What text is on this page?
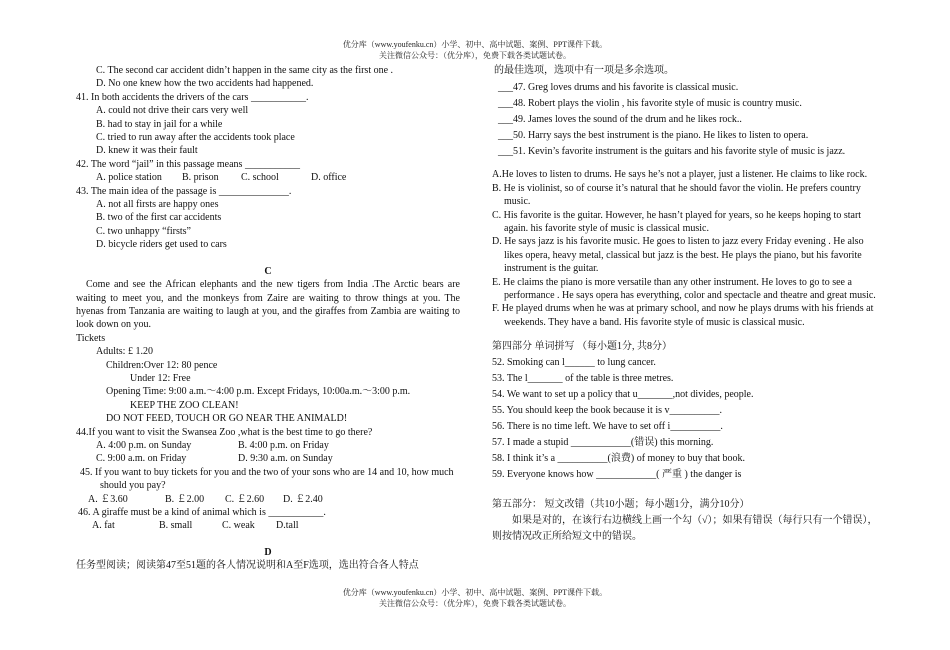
优分库（www.youfenku.cn）小学、初中、高中试题、案例、PPT课件下载。
关注微信公众号：（优分库），免费下载各类试题试卷。
C. The second car accident didn’t happen in the same city as the first one .
D. No one knew how the two accidents had happened.
41. In both accidents the drivers of the cars ___________.
A. could not drive their cars very well
B. had to stay in jail for a while
C. tried to run away after the accidents took place
D. knew it was their fault
42. The word “jail” in this passage means ___________
A. police station B. prison C. school	D. office
43. The main idea of the passage is ______________.
A. not all firsts are happy ones
B. two of the first car accidents
C. two unhappy “firsts”
D. bicycle riders get used to cars
C
Come and see the African elephants and the new tigers from India .The Arctic bears are waiting to meet you, and the monkeys from Zaire are waiting to throw things at you. The hyenas from Tanzania are waiting to laugh at you, and the giraffes from Zambia are waiting to look down on you.
Tickets
Adults: £ 1.20
Children:Over 12: 80 pence
Under 12: Free
Opening Time: 9:00 a.m.～4:00 p.m. Except Fridays, 10:00a.m.～3:00 p.m.
KEEP THE ZOO CLEAN!
DO NOT FEED, TOUCH OR GO NEAR THE ANIMALD!
44.If you want to visit the Swansea Zoo ,what is the best time to go there?
A. 4:00 p.m. on Sunday	B. 4:00 p.m. on Friday
C. 9:00 a.m. on Friday	D. 9:30 a.m. on Sunday
45. If you want to buy tickets for you and the two of your sons who are 14 and 10, how much should you pay?
A. ￡3.60	B. ￡2.00 C. ￡2.60 D. ￡2.40
46. A giraffe must be a kind of animal which is ___________.
A. fat	B. small	C. weak D.tall
D
任务型阅读；阅读第47至51题的各人情况说明和A至F选项，选出符合各人特点
的最佳选项，选项中有一项是多余选项。
___47. Greg loves drums and his favorite is classical music.
___48. Robert plays the violin , his favorite style of music is country music.
___49. James loves the sound of the drum and he likes rock..
___50. Harry says the best instrument is the piano. He likes to listen to opera.
___51. Kevin’s favorite instrument is the guitars and his favorite style of music is jazz.
A.He loves to listen to drums. He says he’s not a player, just a listener. He claims to like rock.
B. He is violinist, so of course it’s natural that he should favor the violin. He prefers country music.
C. His favorite is the guitar. However, he hasn’t played for years, so he keeps hoping to start again. his favorite style of music is classical music.
D. He says jazz is his favorite music. He goes to listen to jazz every Friday evening . He also likes opera, heavy metal, classical but jazz is the best. He plays the piano, but his favorite instrument is the guitar.
E. He claims the piano is more versatile than any other instrument. He loves to go to see a performance . He says opera has everything, color and spectacle and theatre and great music.
F. He played drums when he was at primary school, and now he plays drums with his friends at weekends. They have a band. His favorite style of music is classical music.
第四部分 单词拼写 （每小题1分, 共8分）
52. Smoking can l______ to lung cancer.
53. The l_______ of the table is three metres.
54. We want to set up a policy that u_______,not divides, people.
55. You should keep the book because it is v__________.
56. There is no time left. We have to set off i__________.
57. I made a stupid ____________(错误) this morning.
58. I think it’s a __________(浪费) of money to buy that book.
59. Everyone knows how ____________( 严重 ) the danger is
第五部分： 短文改错（共10小题；每小题1分，满分10分）
如果是对的，在该行右边横线上画一个勾（√）；如果有错误（每行只有一个错误），则按情况改正所给短文中的错误。
优分库（www.youfenku.cn）小学、初中、高中试题、案例、PPT课件下载。
关注微信公众号：（优分库），免费下载各类试题试卷。
